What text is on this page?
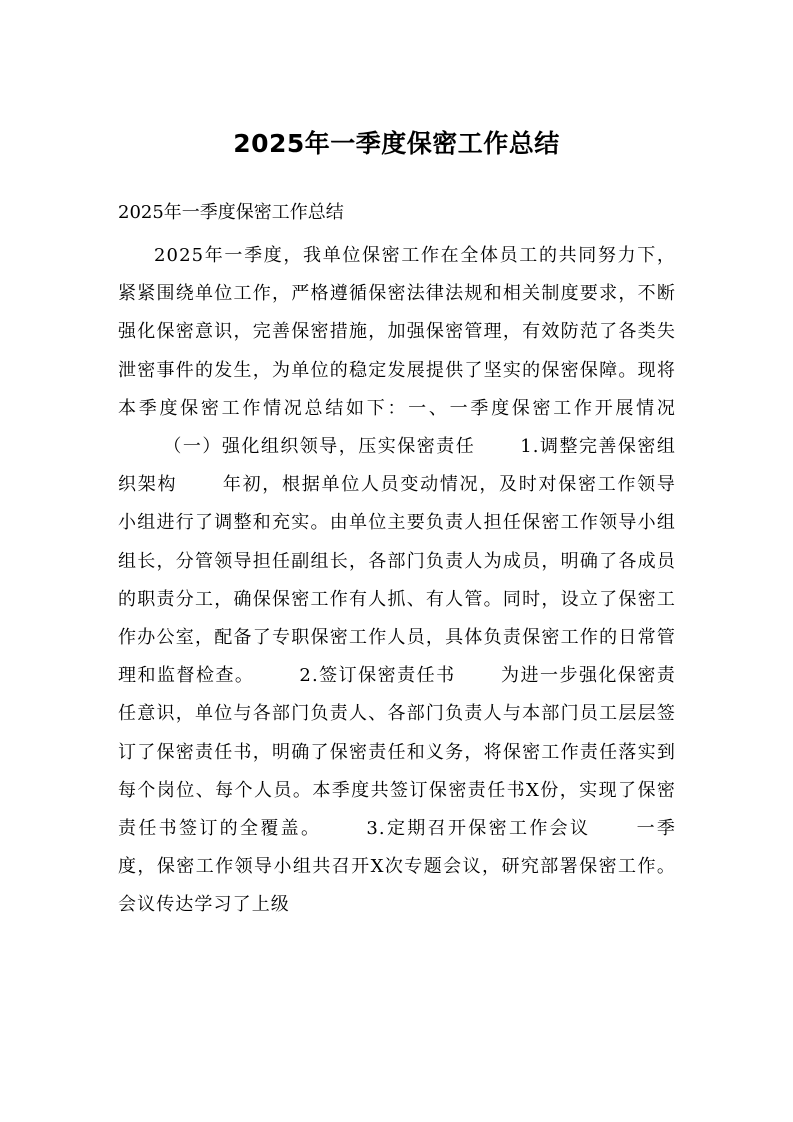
2025年一季度保密工作总结

2025年一季度保密工作总结

2025年一季度，我单位保密工作在全体员工的共同努力下，紧紧围绕单位工作，严格遵循保密法律法规和相关制度要求，不断强化保密意识，完善保密措施，加强保密管理，有效防范了各类失泄密事件的发生，为单位的稳定发展提供了坚实的保密保障。现将本季度保密工作情况总结如下：一、一季度保密工作开展情况（一）强化组织领导，压实保密责任	1.调整完善保密组织架构	年初，根据单位人员变动情况，及时对保密工作领导小组进行了调整和充实。由单位主要负责人担任保密工作领导小组组长，分管领导担任副组长，各部门负责人为成员，明确了各成员的职责分工，确保保密工作有人抓、有人管。同时，设立了保密工作办公室，配备了专职保密工作人员，具体负责保密工作的日常管理和监督检查。	2.签订保密责任书	为进一步强化保密责任意识，单位与各部门负责人、各部门负责人与本部门员工层层签订了保密责任书，明确了保密责任和义务，将保密工作责任落实到每个岗位、每个人员。本季度共签订保密责任书X份，实现了保密责任书签订的全覆盖。	3.定期召开保密工作会议	一季度，保密工作领导小组共召开X次专题会议，研究部署保密工作。会议传达学习了上级
